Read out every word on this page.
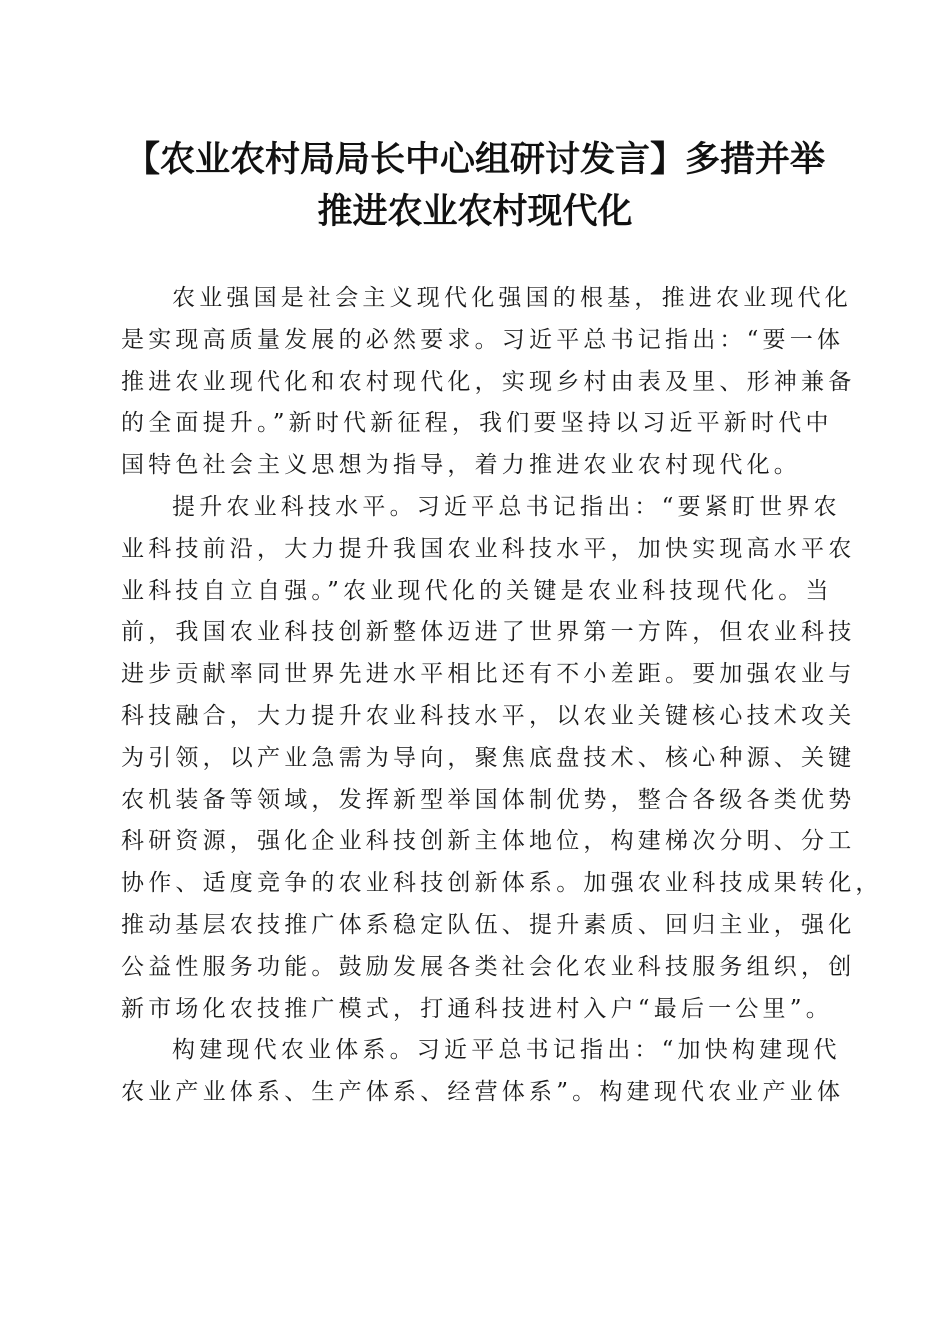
【农业农村局局长中心组研讨发言】多措并举
推进农业农村现代化
农业强国是社会主义现代化强国的根基，推进农业现代化
是实现高质量发展的必然要求。习近平总书记指出：“要一体
推进农业现代化和农村现代化，实现乡村由表及里、形神兼备
的全面提升。”新时代新征程，我们要坚持以习近平新时代中
国特色社会主义思想为指导，着力推进农业农村现代化。
提升农业科技水平。习近平总书记指出：“要紧盯世界农
业科技前沿，大力提升我国农业科技水平，加快实现高水平农
业科技自立自强。”农业现代化的关键是农业科技现代化。当
前，我国农业科技创新整体迈进了世界第一方阵，但农业科技
进步贡献率同世界先进水平相比还有不小差距。要加强农业与
科技融合，大力提升农业科技水平，以农业关键核心技术攻关
为引领，以产业急需为导向，聚焦底盘技术、核心种源、关键
农机装备等领域，发挥新型举国体制优势，整合各级各类优势
科研资源，强化企业科技创新主体地位，构建梯次分明、分工
协作、适度竞争的农业科技创新体系。加强农业科技成果转化，
推动基层农技推广体系稳定队伍、提升素质、回归主业，强化
公益性服务功能。鼓励发展各类社会化农业科技服务组织，创
新市场化农技推广模式，打通科技进村入户“最后一公里”。
构建现代农业体系。习近平总书记指出：“加快构建现代
农业产业体系、生产体系、经营体系”。构建现代农业产业体
